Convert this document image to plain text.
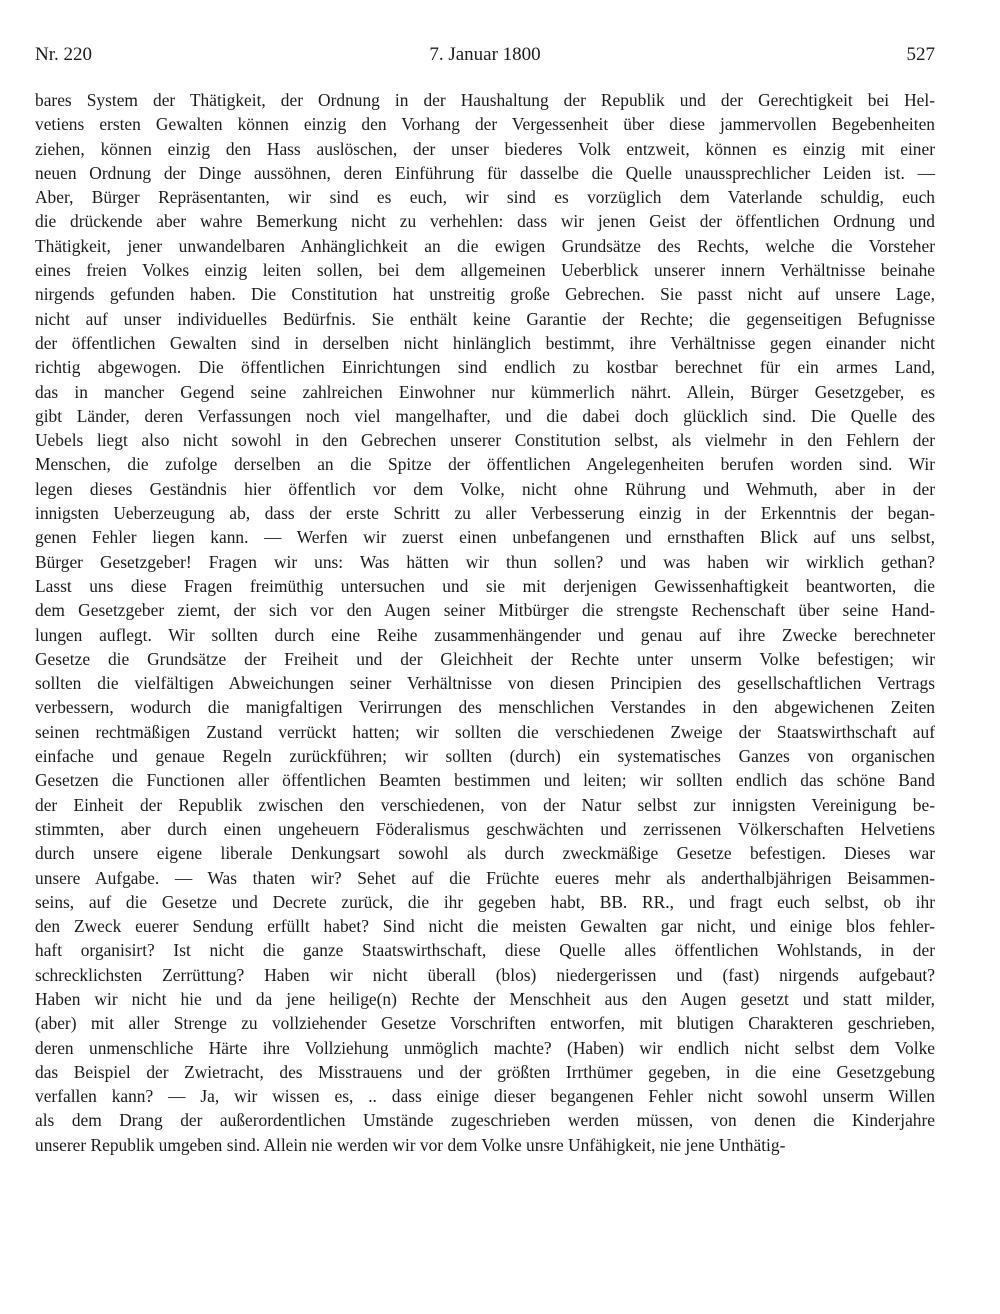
Nr. 220	7. Januar 1800	527
bares System der Thätigkeit, der Ordnung in der Haushaltung der Republik und der Gerechtigkeit bei Hel-
vetiens ersten Gewalten können einzig den Vorhang der Vergessenheit über diese jammervollen Begebenheiten
ziehen, können einzig den Hass auslöschen, der unser biederes Volk entzweit, können es einzig mit einer
neuen Ordnung der Dinge aussöhnen, deren Einführung für dasselbe die Quelle unaussprechlicher Leiden ist. —
Aber, Bürger Repräsentanten, wir sind es euch, wir sind es vorzüglich dem Vaterlande schuldig, euch
die drückende aber wahre Bemerkung nicht zu verhehlen: dass wir jenen Geist der öffentlichen Ordnung und
Thätigkeit, jener unwandelbaren Anhänglichkeit an die ewigen Grundsätze des Rechts, welche die Vorsteher
eines freien Volkes einzig leiten sollen, bei dem allgemeinen Ueberblick unserer innern Verhältnisse beinahe
nirgends gefunden haben. Die Constitution hat unstreitig große Gebrechen. Sie passt nicht auf unsere Lage,
nicht auf unser individuelles Bedürfnis. Sie enthält keine Garantie der Rechte; die gegenseitigen Befugnisse
der öffentlichen Gewalten sind in derselben nicht hinlänglich bestimmt, ihre Verhältnisse gegen einander nicht
richtig abgewogen. Die öffentlichen Einrichtungen sind endlich zu kostbar berechnet für ein armes Land,
das in mancher Gegend seine zahlreichen Einwohner nur kümmerlich nährt. Allein, Bürger Gesetzgeber, es
gibt Länder, deren Verfassungen noch viel mangelhafter, und die dabei doch glücklich sind. Die Quelle des
Uebels liegt also nicht sowohl in den Gebrechen unserer Constitution selbst, als vielmehr in den Fehlern der
Menschen, die zufolge derselben an die Spitze der öffentlichen Angelegenheiten berufen worden sind. Wir
legen dieses Geständnis hier öffentlich vor dem Volke, nicht ohne Rührung und Wehmuth, aber in der
innigsten Ueberzeugung ab, dass der erste Schritt zu aller Verbesserung einzig in der Erkenntnis der began-
genen Fehler liegen kann. — Werfen wir zuerst einen unbefangenen und ernsthaften Blick auf uns selbst,
Bürger Gesetzgeber! Fragen wir uns: Was hätten wir thun sollen? und was haben wir wirklich gethan?
Lasst uns diese Fragen freimüthig untersuchen und sie mit derjenigen Gewissenhaftigkeit beantworten, die
dem Gesetzgeber ziemt, der sich vor den Augen seiner Mitbürger die strengste Rechenschaft über seine Hand-
lungen auflegt. Wir sollten durch eine Reihe zusammenhängender und genau auf ihre Zwecke berechneter
Gesetze die Grundsätze der Freiheit und der Gleichheit der Rechte unter unserm Volke befestigen; wir
sollten die vielfältigen Abweichungen seiner Verhältnisse von diesen Principien des gesellschaftlichen Vertrags
verbessern, wodurch die manigfaltigen Verirrungen des menschlichen Verstandes in den abgewichenen Zeiten
seinen rechtmäßigen Zustand verrückt hatten; wir sollten die verschiedenen Zweige der Staatswirthschaft auf
einfache und genaue Regeln zurückführen; wir sollten (durch) ein systematisches Ganzes von organischen
Gesetzen die Functionen aller öffentlichen Beamten bestimmen und leiten; wir sollten endlich das schöne Band
der Einheit der Republik zwischen den verschiedenen, von der Natur selbst zur innigsten Vereinigung be-
stimmten, aber durch einen ungeheuern Föderalismus geschwächten und zerrissenen Völkerschaften Helvetiens
durch unsere eigene liberale Denkungsart sowohl als durch zweckmäßige Gesetze befestigen. Dieses war
unsere Aufgabe. — Was thaten wir? Sehet auf die Früchte eueres mehr als anderthalbjährigen Beisammen-
seins, auf die Gesetze und Decrete zurück, die ihr gegeben habt, BB. RR., und fragt euch selbst, ob ihr
den Zweck euerer Sendung erfüllt habet? Sind nicht die meisten Gewalten gar nicht, und einige blos fehler-
haft organisirt? Ist nicht die ganze Staatswirthschaft, diese Quelle alles öffentlichen Wohlstands, in der
schrecklichsten Zerrüttung? Haben wir nicht überall (blos) niedergerissen und (fast) nirgends aufgebaut?
Haben wir nicht hie und da jene heilige(n) Rechte der Menschheit aus den Augen gesetzt und statt milder,
(aber) mit aller Strenge zu vollziehender Gesetze Vorschriften entworfen, mit blutigen Charakteren geschrieben,
deren unmenschliche Härte ihre Vollziehung unmöglich machte? (Haben) wir endlich nicht selbst dem Volke
das Beispiel der Zwietracht, des Misstrauens und der größten Irrthümer gegeben, in die eine Gesetzgebung
verfallen kann? — Ja, wir wissen es, .. dass einige dieser begangenen Fehler nicht sowohl unserm Willen
als dem Drang der außerordentlichen Umstände zugeschrieben werden müssen, von denen die Kinderjahre
unserer Republik umgeben sind. Allein nie werden wir vor dem Volke unsre Unfähigkeit, nie jene Unthätig-
